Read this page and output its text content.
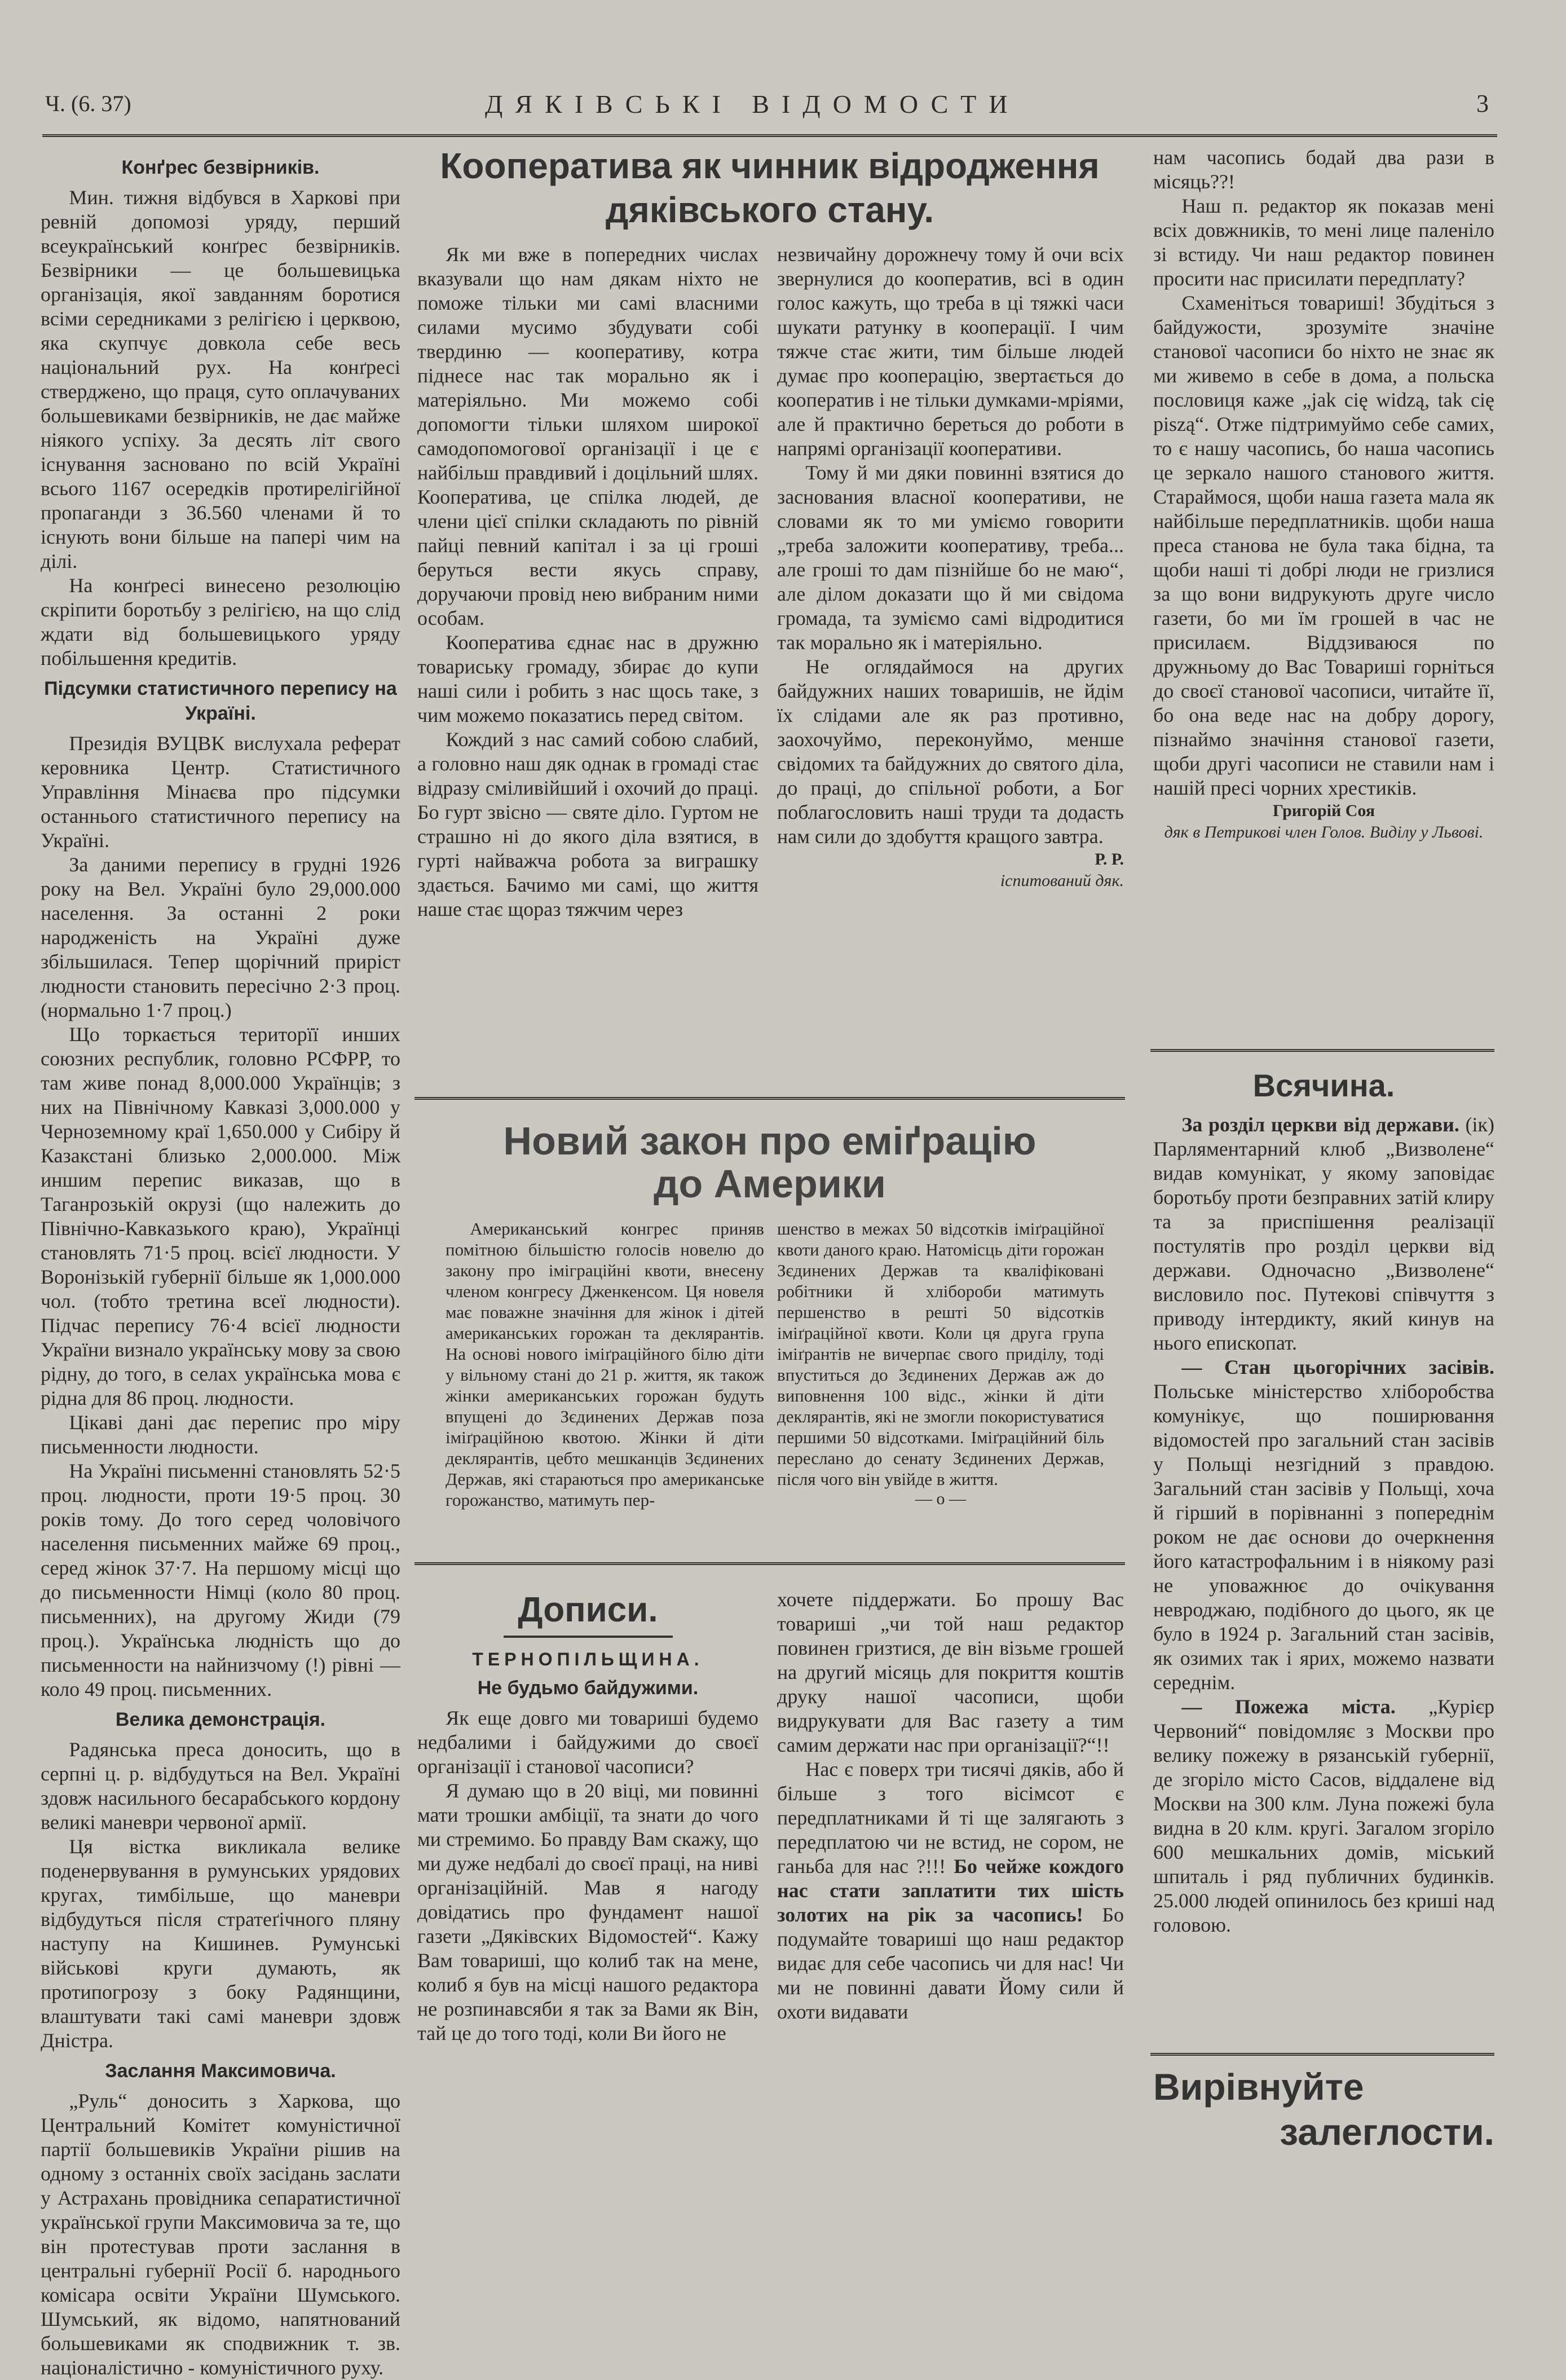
Ч. (6. 37)	ДЯКІВСЬКІ ВІДОМОСТИ	3
Конґрес безвірників.

Мин. тижня відбувся в Харкові при ревній допомозі уряду, перший всеукраїнський конґрес безвірників. Безвірники — це большевицька організація, якої завданням боротися всіми середниками з релігією і церквою, яка скупчує довкола себе весь національний рух. На конґресі стверджено, що праця, суто оплачуваних большевиками безвірників, не дає майже ніякого успіху. За десять літ свого існування засновано по всій Україні всього 1167 осередків протирелігійної пропаганди з 36.560 членами й то існують вони більше на папері чим на ділі.

На конґресі винесено резолюцію скріпити боротьбу з релігією, на що слід ждати від большевицького уряду побільшення кредитів.

Підсумки статистичного перепису на Україні.

Президія ВУЦВК вислухала реферат керовника Центр. Статистичного Управління Мінаєва про підсумки останнього статистичного перепису на Україні.

За даними перепису в грудні 1926 року на Вел. Україні було 29,000.000 населення. За останні 2 роки народженість на Україні дуже збільшилася. Тепер щорічний приріст людности становить пересічно 2·3 проц. (нормально 1·7 проц.)

Що торкається територїї инших союзних республик, головно РСФРР, то там живе понад 8,000.000 Українців; з них на Північному Кавказі 3,000.000 у Черноземному краї 1,650.000 у Сибіру й Казакстані близько 2,000.000. Між иншим перепис виказав, що в Таганрозькій окрузі (що належить до Північно-Кавказького краю), Українці становлять 71·5 проц. всієї людности. У Воронізькій губернії більше як 1,000.000 чол. (тобто третина всеї людности). Підчас перепису 76·4 всієї людности України визнало українську мову за свою рідну, до того, в селах українська мова є рідна для 86 проц. людности.

Цікаві дані дає перепис про міру письменности людности.

На Україні письменні становлять 52·5 проц. людности, проти 19·5 проц. 30 років тому. До того серед чоловічого населення письменних майже 69 проц., серед жінок 37·7. На першому місці що до письменности Німці (коло 80 проц. письменних), на другому Жиди (79 проц.). Українська людність що до письменности на найнизчому (!) рівні — коло 49 проц. письменних.

Велика демонстрація.

Радянська преса доносить, що в серпні ц. р. відбудуться на Вел. Україні здовж насильного бесарабського кордону великі маневри червоної армії.

Ця вістка викликала велике поденервування в румунських урядових кругах, тимбільше, що маневри відбудуться після стратеґічного пляну наступу на Кишинев. Румунські військові круги думають, як протипогрозу з боку Радянщини, влаштувати такі самі маневри здовж Дністра.

Заслання Максимовича.

„Руль“ доносить з Харкова, що Центральний Комітет комуністичної партії большевиків України рішив на одному з останніх своїх засідань заслати у Астрахань провідника сепаратистичної української групи Максимовича за те, що він протестував проти заслання в центральні губернії Росії б. народнього комісара освіти України Шумського. Шумський, як відомо, напятнований большевиками як сподвижник т. зв. націоналістично - комуністичного руху.

Кооператива як чинник відродження дяківського стану.

Як ми вже в попередних числах вказували що нам дякам ніхто не поможе тільки ми самі власними силами мусимо збудувати собі твердиню — кооперативу, котра піднесе нас так морально як і матеріяльно. Ми можемо собі допомогти тільки шляхом широкої самодопомогової організації і це є найбільш правдивий і доцільний шлях. Кооператива, це спілка людей, де члени цієї спілки складають по рівній пайці певний капітал і за ці гроші беруться вести якусь справу, доручаючи провід нею вибраним ними особам.

Кооператива єднає нас в дружню товариську громаду, збирає до купи наші сили і робить з нас щось таке, з чим можемо показатись перед світом.

Кождий з нас самий собою слабий, а головно наш дяк однак в громаді стає відразу сміливійший і охочий до праці. Бо гурт звісно — святе діло. Гуртом не страшно ні до якого діла взятися, в гурті найважча робота за виграшку здається. Бачимо ми самі, що життя наше стає щораз тяжчим через

незвичайну дорожнечу тому й очи всіх звернулися до кооператив, всі в один голос кажуть, що треба в ці тяжкі часи шукати ратунку в кооперації. І чим тяжче стає жити, тим більше людей думає про кооперацію, звертається до кооператив і не тільки думками-мріями, але й практично береться до роботи в напрямі організації кооперативи.

Тому й ми дяки повинні взятися до заснования власної кооперативи, не словами як то ми уміємо говорити „треба заложити кооперативу, треба... але гроші то дам пізнійше бо не маю“, але ділом доказати що й ми свідома громада, та зуміємо самі відродитися так морально як і матеріяльно.

Не оглядаймося на других байдужних наших товаришів, не йдім їх слідами але як раз противно, заохочуймо, переконуймо, менше свідомих та байдужних до святого діла, до праці, до спільної роботи, а Бог поблагословить наші труди та додасть нам сили до здобуття кращого завтра.

Р. Р.
іспитований дяк.

нам часопись бодай два рази в місяць??!

Наш п. редактор як показав мені всіх довжників, то мені лице паленіло зі встиду. Чи наш редактор повинен просити нас присилати передплату?

Схаменіться товариші! Збудіться з байдужости, зрозуміте значіне станової часописи бо ніхто не знає як ми живемо в себе в дома, а польска пословиця каже „jak cię widzą, tak cię piszą“. Отже підтримуймо себе самих, то є нашу часопись, бо наша часопись це зеркало нашого станового життя. Стараймося, щоби наша газета мала як найбільше передплатників. щоби наша преса станова не була така бідна, та щоби наші ті добрі люди не гризлися за що вони видрукують друге число газети, бо ми їм грошей в час не присилаєм. Віддзиваюся по дружньому до Вас Товариші горніться до своєї станової часописи, читайте її, бо она веде нас на добру дорогу, пізнаймо значіння станової газети, щоби другі часописи не ставили нам і нашій пресі чорних хрестиків.

Григорій Соя
дяк в Петрикові член Голов. Виділу у Львові.
Всячина.

За розділ церкви від держави. (ік) Парляментарний клюб „Визволене“ видав комунікат, у якому заповідає боротьбу проти безправних затій клиру та за приспішення реалізації постулятів про розділ церкви від держави. Одночасно „Визволене“ висловило пос. Путекові співчуття з приводу інтердикту, який кинув на нього епископат.

— Стан цьогорічних засівів. Польське міністерство хліборобства комунікує, що поширювання відомостей про загальний стан засівів у Польщі незгідний з правдою. Загальний стан засівів у Польщі, хоча й гірший в порівнанні з попереднім роком не дає основи до очеркнення його катастрофальним і в ніякому разі не уповажнює до очікування невроджаю, подібного до цього, як це було в 1924 р. Загальний стан засівів, як озимих так і ярих, можемо назвати середнім.

— Пожежа міста. „Курієр Червоний“ повідомляє з Москви про велику пожежу в рязанській губернії, де згоріло місто Сасов, віддалене від Москви на 300 клм. Луна пожежі була видна в 20 клм. кругі. Загалом згоріло 600 мешкальних домів, міський шпиталь і ряд публичних будинків. 25.000 людей опинилось без криші над головою.

Вирівнуйте
залеглости.
Новий закон про еміґрацію
до Америки

Американський конгрес приняв помітною більшістю голосів новелю до закону про іміграційні квоти, внесену членом конгресу Дженкенсом. Ця новеля має поважне значіння для жінок і дітей американських горожан та деклярантів. На основі нового іміґраційного білю діти у вільному стані до 21 р. життя, як також жінки американських горожан будуть впущені до Зєдинених Держав поза іміґраційною квотою. Жінки й діти деклярантів, цебто мешканців Зєдинених Держав, які стараються про американське горожанство, матимуть пер-

шенство в межах 50 відсотків іміґраційної квоти даного краю. Натомісць діти горожан Зєдинених Держав та кваліфіковані робітники й хлібороби матимуть першенство в решті 50 відсотків іміґраційної квоти. Коли ця друга група іміґрантів не вичерпає свого приділу, тоді впуститься до Зєдинених Держав аж до виповнення 100 відс., жінки й діти деклярантів, які не змогли покористуватися першими 50 відсотками. Іміґраційний біль переслано до сенату Зєдинених Держав, після чого він увійде в життя.

— о —
Дописи.
ТЕРНОПІЛЬЩИНА.
Не будьмо байдужими.

Як еще довго ми товариші будемо недбалими і байдужими до своєї організації і станової часописи?

Я думаю що в 20 віці, ми повинні мати трошки амбіції, та знати до чого ми стремимо. Бо правду Вам скажу, що ми дуже недбалі до своєї праці, на ниві організаційній. Мав я нагоду довідатись про фундамент нашої газети „Дяківских Відомостей“. Кажу Вам товариші, що колиб так на мене, колиб я був на місці нашого редактора не розпинавсяби я так за Вами як Він, тай це до того тоді, коли Ви його не

хочете піддержати. Бо прошу Вас товариші „чи той наш редактор повинен гризтися, де він візьме грошей на другий місяць для покриття коштів друку нашої часописи, щоби видрукувати для Вас газету а тим самим держати нас при організації?“!!

Нас є поверх три тисячі дяків, або й більше з того вісімсот є передплатниками й ті ще залягають з передплатою чи не встид, не сором, не ганьба для нас ?!!! Бо чейже кождого нас стати заплатити тих шість золотих на рік за часопись! Бо подумайте товариші що наш редактор видає для себе часопись чи для нас! Чи ми не повинні давати Йому сили й охоти видавати
